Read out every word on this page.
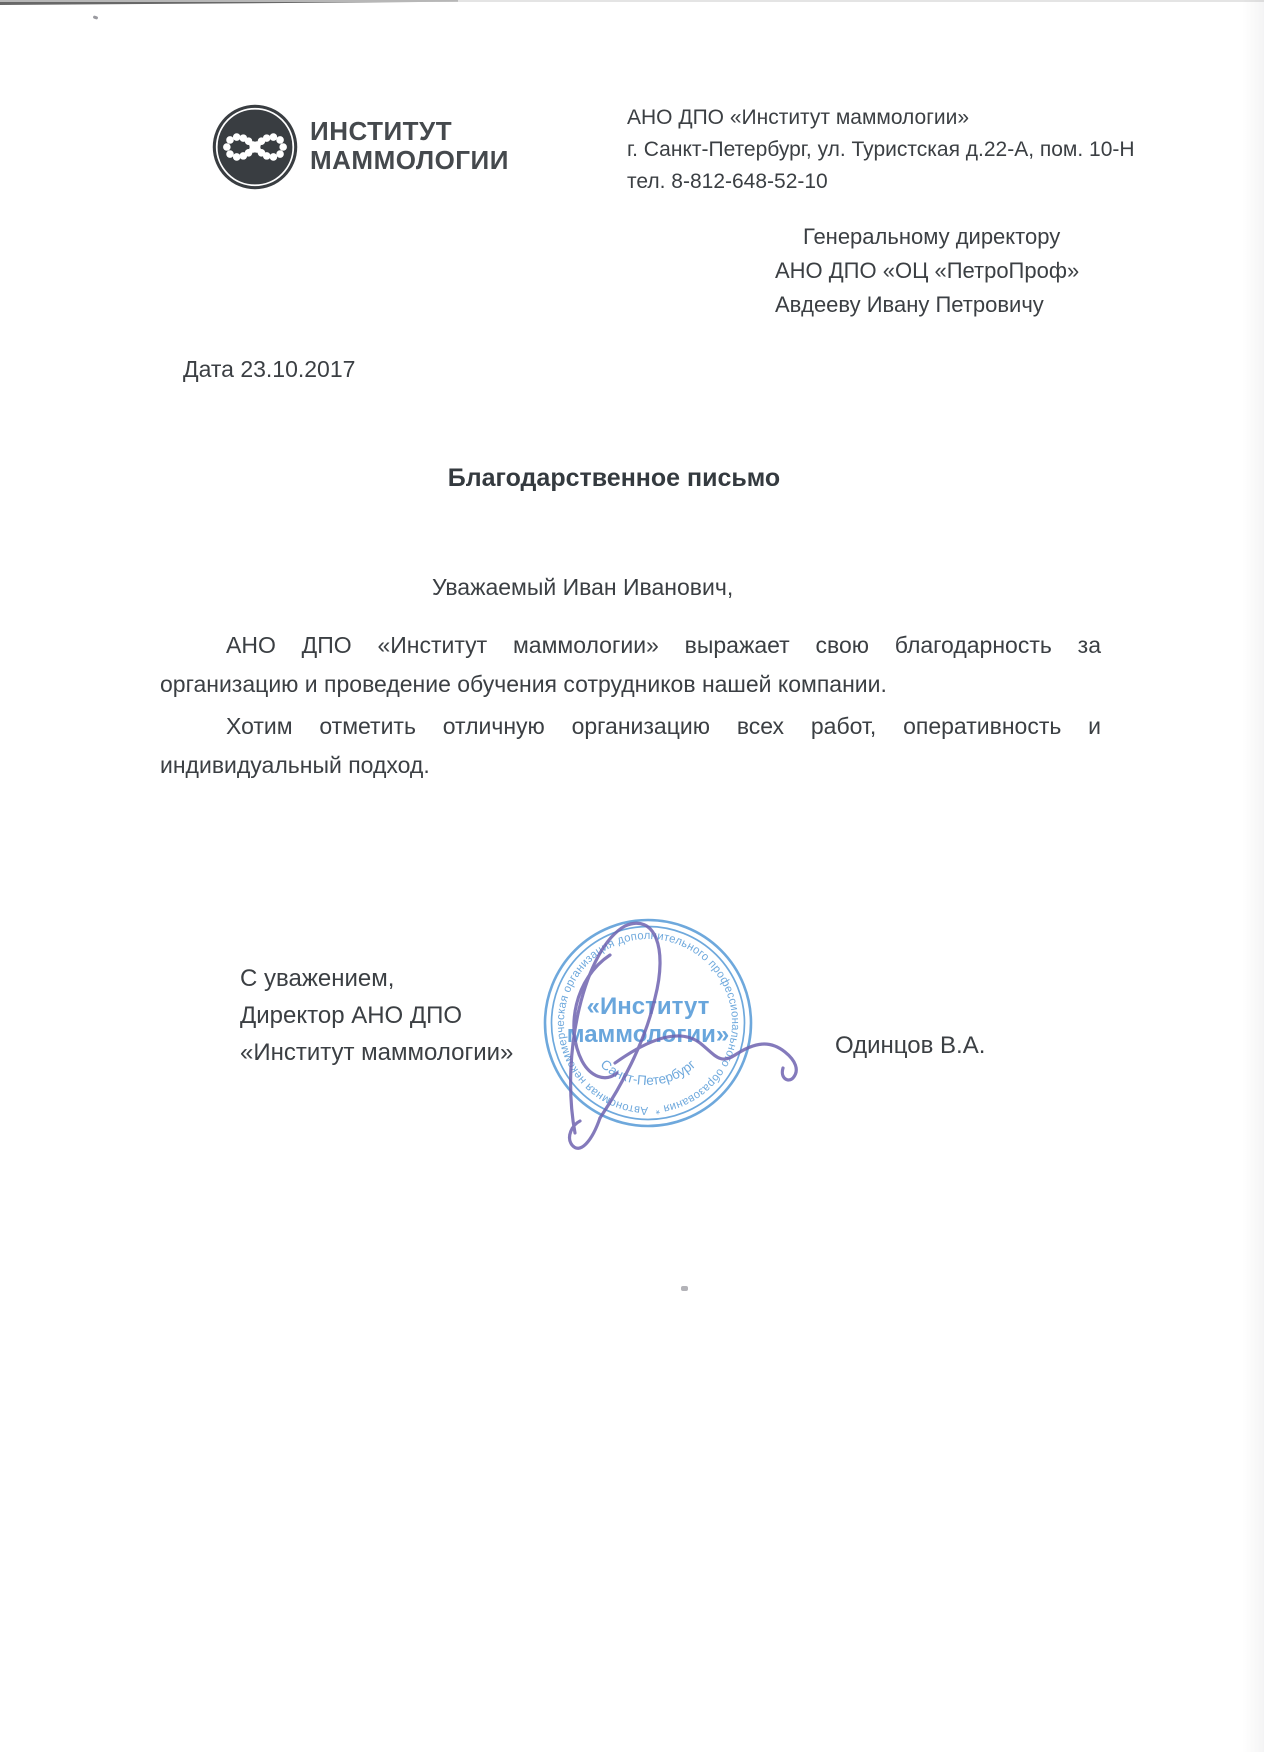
ИНСТИТУТ
МАММОЛОГИИ
АНО ДПО «Институт маммологии»
г. Санкт-Петербург, ул. Туристская д.22-А, пом. 10-Н
тел. 8-812-648-52-10
Генеральному директору
АНО ДПО «ОЦ «ПетроПроф»
Авдееву Ивану Петровичу
Дата 23.10.2017
Благодарственное письмо
Уважаемый Иван Иванович,
АНО ДПО «Институт маммологии» выражает свою благодарность за
организацию и проведение обучения сотрудников нашей компании.
Хотим отметить отличную организацию всех работ, оперативность и
индивидуальный подход.
С уважением,
Директор АНО ДПО
«Институт маммологии»
Автономная некоммерческая организация дополнительного профессионального образования *
«Институт
маммологии»
Санкт-Петербург
Одинцов В.А.
